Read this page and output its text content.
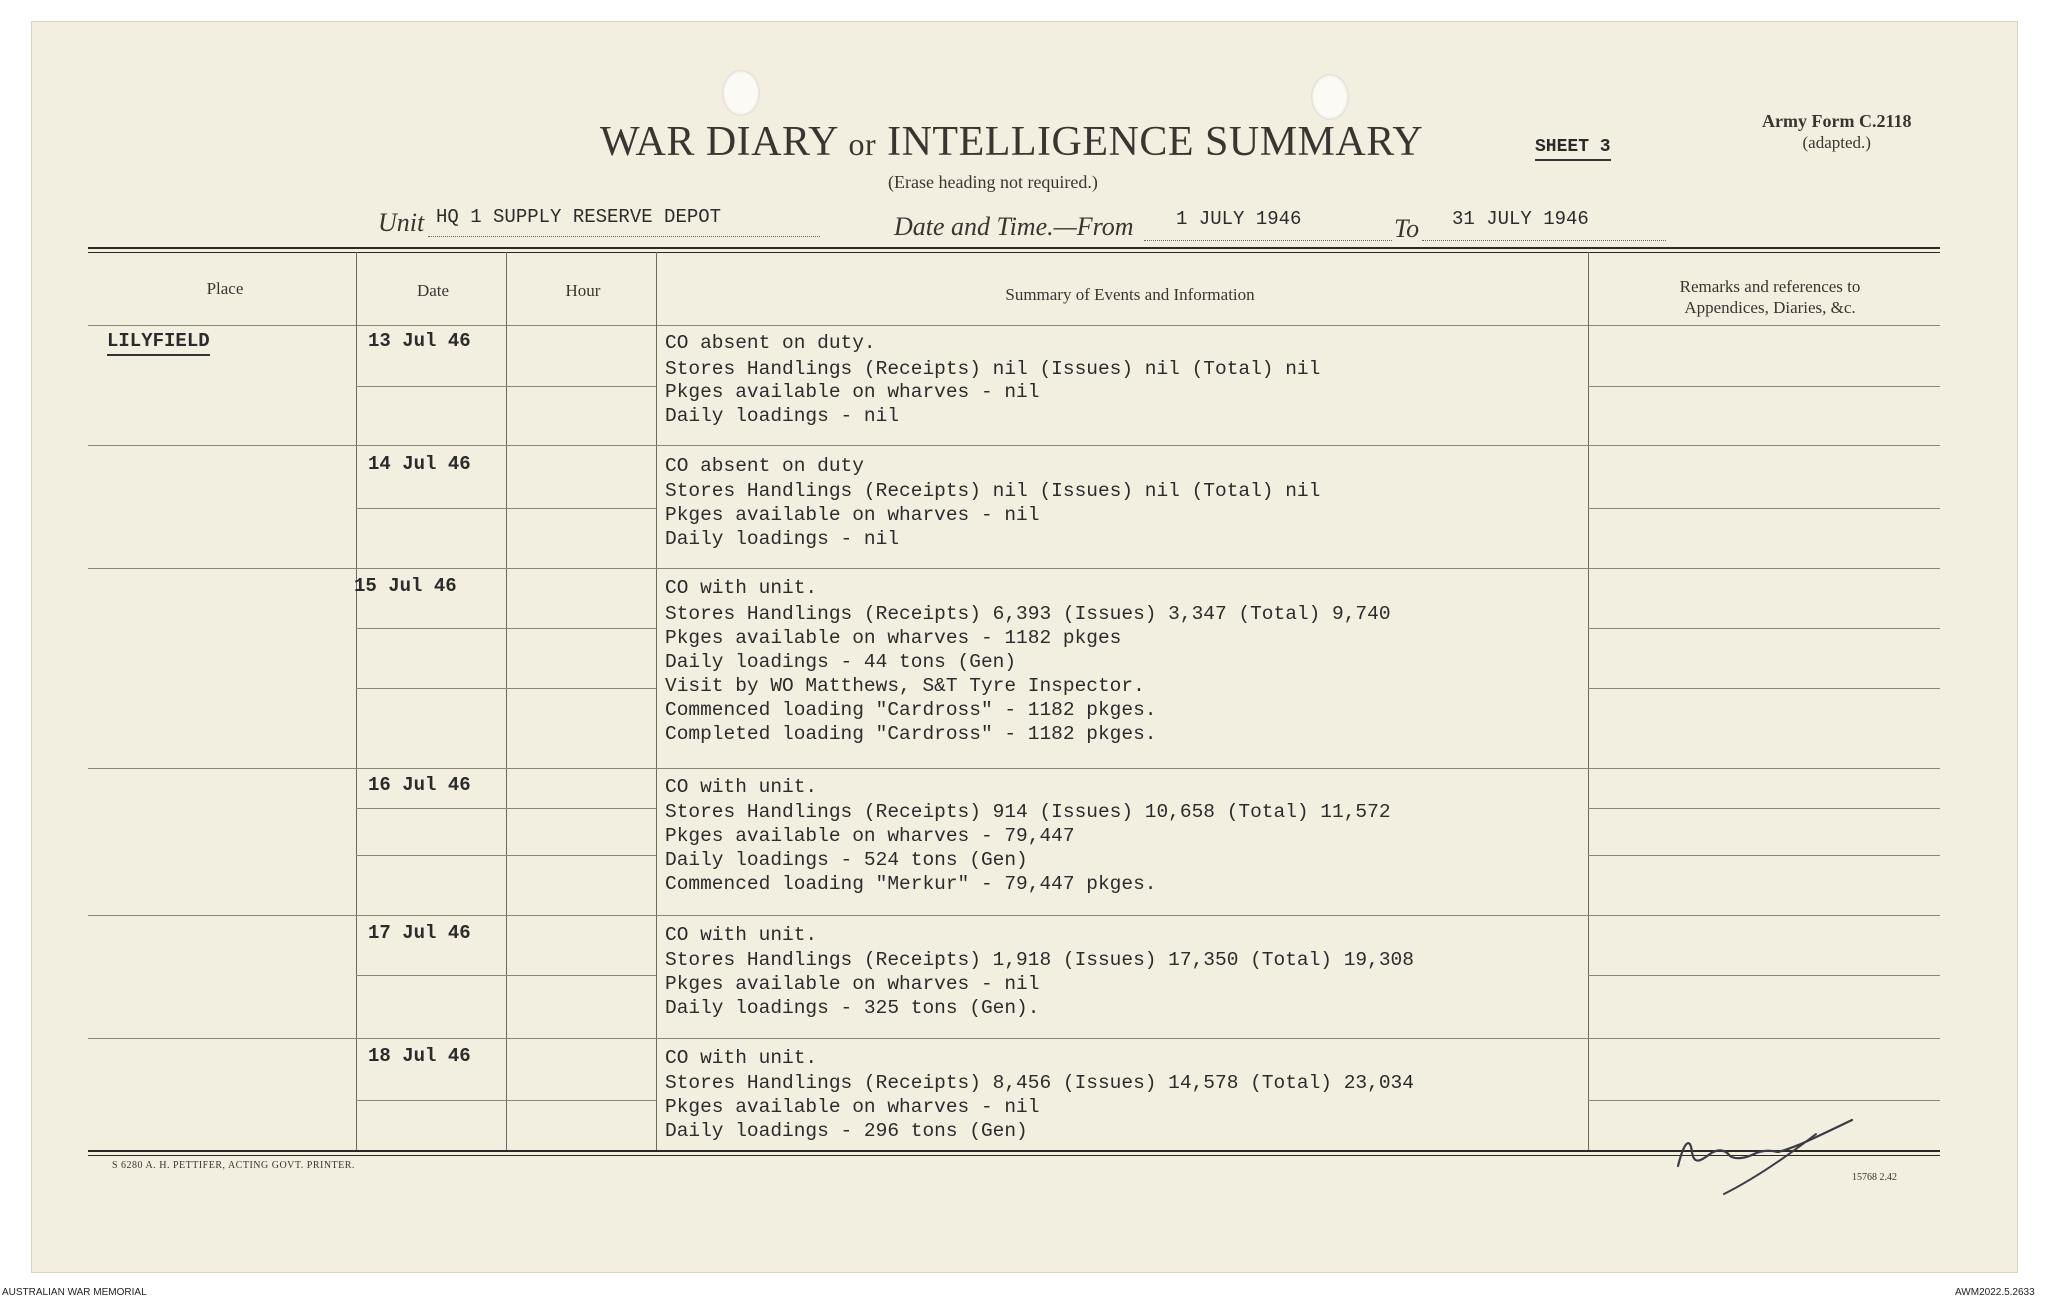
WAR DIARY or INTELLIGENCE SUMMARY
(Erase heading not required.)
SHEET 3
Army Form C.2118
(adapted.)
Unit HQ 1 SUPPLY RESERVE DEPOT	Date and Time.—From 1 JULY 1946	To 31 JULY 1946
Place	Date	Hour	Summary of Events and Information	Remarks and references to
Appendices, Diaries, &c.
LILYFIELD	13 Jul 46	CO absent on duty.
Stores Handlings (Receipts) nil (Issues) nil (Total) nil
Pkges available on wharves - nil
Daily loadings - nil
14 Jul 46	CO absent on duty
Stores Handlings (Receipts) nil (Issues) nil (Total) nil
Pkges available on wharves - nil
Daily loadings - nil
15 Jul 46	CO with unit.
Stores Handlings (Receipts) 6,393 (Issues) 3,347 (Total) 9,740
Pkges available on wharves - 1182 pkges
Daily loadings - 44 tons (Gen)
Visit by WO Matthews, S&T Tyre Inspector.
Commenced loading "Cardross" - 1182 pkges.
Completed loading "Cardross" - 1182 pkges.
16 Jul 46	CO with unit.
Stores Handlings (Receipts) 914 (Issues) 10,658 (Total) 11,572
Pkges available on wharves - 79,447
Daily loadings - 524 tons (Gen)
Commenced loading "Merkur" - 79,447 pkges.
17 Jul 46	CO with unit.
Stores Handlings (Receipts) 1,918 (Issues) 17,350 (Total) 19,308
Pkges available on wharves - nil
Daily loadings - 325 tons (Gen).
18 Jul 46	CO with unit.
Stores Handlings (Receipts) 8,456 (Issues) 14,578 (Total) 23,034
Pkges available on wharves - nil
Daily loadings - 296 tons (Gen)
S 6280 A. H. PETTIFER, ACTING GOVT. PRINTER.
15768 2.42
AUSTRALIAN WAR MEMORIAL	AWM2022.5.2633
